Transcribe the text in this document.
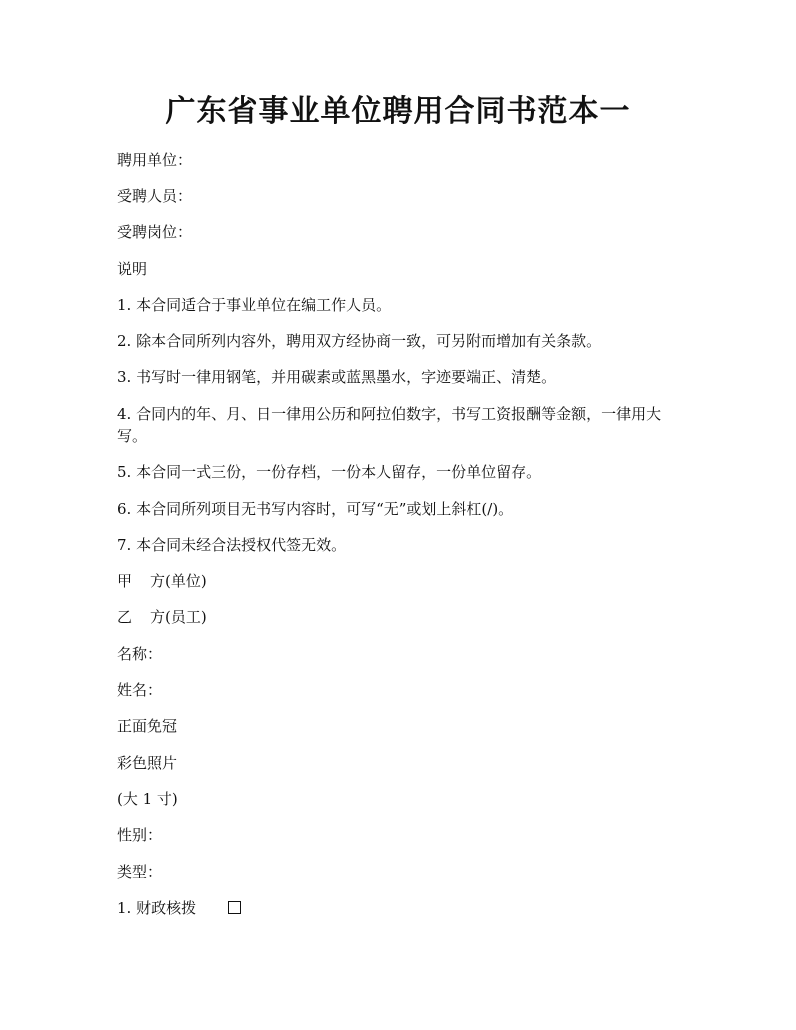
广东省事业单位聘用合同书范本一
聘用单位：
受聘人员：
受聘岗位：
说明
1. 本合同适合于事业单位在编工作人员。
2. 除本合同所列内容外，聘用双方经协商一致，可另附而增加有关条款。
3. 书写时一律用钢笔，并用碳素或蓝黑墨水，字迹要端正、清楚。
4. 合同内的年、月、日一律用公历和阿拉伯数字，书写工资报酬等金额，一律用大写。
5. 本合同一式三份，一份存档，一份本人留存，一份单位留存。
6. 本合同所列项目无书写内容时，可写“无”或划上斜杠(/)。
7. 本合同未经合法授权代签无效。
甲 方(单位)
乙 方(员工)
名称：
姓名：
正面免冠
彩色照片
(大 1 寸)
性别：
类型：
1. 财政核拨
